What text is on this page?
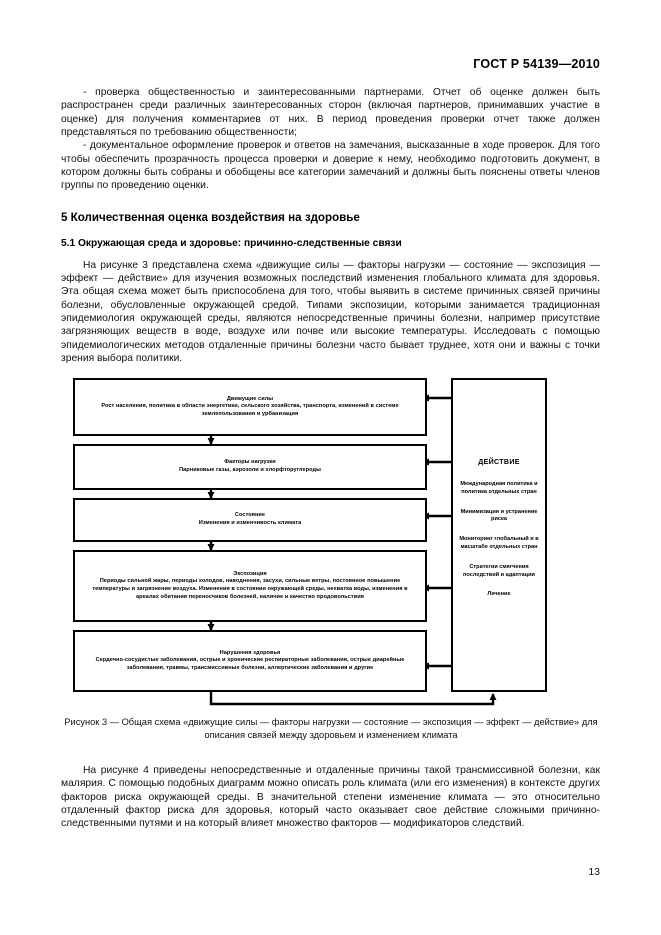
ГОСТ Р 54139—2010

- проверка общественностью и заинтересованными партнерами. Отчет об оценке должен быть распространен среди различных заинтересованных сторон (включая партнеров, принимавших участие в оценке) для получения комментариев от них. В период проведения проверки отчет также должен представляться по требованию общественности;

- документальное оформление проверок и ответов на замечания, высказанные в ходе проверок. Для того чтобы обеспечить прозрачность процесса проверки и доверие к нему, необходимо подготовить документ, в котором должны быть собраны и обобщены все категории замечаний и должны быть пояснены ответы членов группы по проведению оценки.

5 Количественная оценка воздействия на здоровье
5.1 Окружающая среда и здоровье: причинно-следственные связи

На рисунке 3 представлена схема «движущие силы — факторы нагрузки — состояние — экспозиция — эффект — действие» для изучения возможных последствий изменения глобального климата для здоровья. Эта общая схема может быть приспособлена для того, чтобы выявить в системе причинных связей причины болезни, обусловленные окружающей средой. Типами экспозиции, которыми занимается традиционная эпидемиология окружающей среды, являются непосредственные причины болезни, например присутствие загрязняющих веществ в воде, воздухе или почве или высокие температуры. Исследовать с помощью эпидемиологических методов отдаленные причины болезни часто бывает труднее, хотя они и важны с точки зрения выбора политики.

Движущие силы
Рост населения, политика в области энергетики, сельского хозяйства, транспорта, изменений в системе землепользования и урбанизация
Факторы нагрузки
Парниковые газы, аэрозоли и хлорфторуглероды
Состояние
Изменения и изменчивость климата
Экспозиция
Периоды сильной жары, периоды холодов, наводнения, засухи, сильные ветры, постоянное повышение температуры и загрязнение воздуха. Изменения в состоянии окружающей среды, нехватка воды, изменения в ареалах обитания переносчиков болезней, наличие и качество продовольствия
Нарушения здоровья
Сердечно-сосудистые заболевания, острые и хронические респираторные заболевания, острые диарейные заболевания, травмы, трансмиссивные болезни, аллергические заболевания и другие
ДЕЙСТВИЕ
Международная политика и политика отдельных стран
Минимизация и устранение риска
Мониторинг глобальный и в масштабе отдельных стран
Стратегии смягчения последствий и адаптации
Лечение
Рисунок 3 — Общая схема «движущие силы — факторы нагрузки — состояние — экспозиция — эффект — действие» для описания связей между здоровьем и изменением климата

На рисунке 4 приведены непосредственные и отдаленные причины такой трансмиссивной болезни, как малярия. С помощью подобных диаграмм можно описать роль климата (или его изменения) в контексте других факторов риска окружающей среды. В значительной степени изменение климата — это относительно отдаленный фактор риска для здоровья, который часто оказывает свое действие сложными причинно-следственными путями и на который влияет множество факторов — модификаторов следствий.

13
